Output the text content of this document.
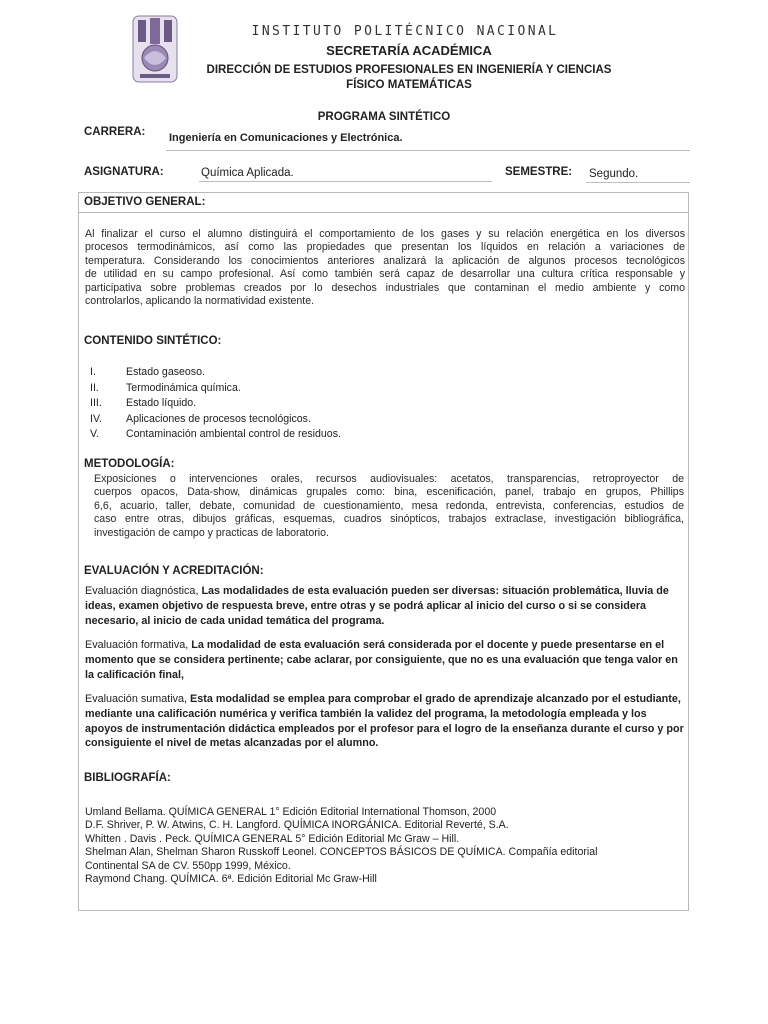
INSTITUTO POLITÉCNICO NACIONAL
SECRETARÍA ACADÉMICA
DIRECCIÓN DE ESTUDIOS PROFESIONALES EN INGENIERÍA Y CIENCIAS
FÍSICO MATEMÁTICAS
PROGRAMA SINTÉTICO
CARRERA: Ingeniería en Comunicaciones y Electrónica.
ASIGNATURA:	Química Aplicada.	SEMESTRE: Segundo.
OBJETIVO GENERAL:
Al finalizar el curso el alumno distinguirá el comportamiento de los gases y su relación energética en los diversos
procesos termodinámicos, así como las propiedades que presentan los líquidos en relación a variaciones de
temperatura. Considerando los conocimientos anteriores analizará la aplicación de algunos procesos tecnológicos
de utilidad en su campo profesional. Así como también será capaz de desarrollar una cultura crítica responsable y
participativa sobre problemas creados por lo desechos industriales que contaminan el medio ambiente y como
controlarlos, aplicando la normatividad existente.
CONTENIDO SINTÉTICO:
I.	Estado gaseoso.
II.	Termodinámica química.
III.	Estado líquido.
IV.	Aplicaciones de procesos tecnológicos.
V.	Contaminación ambiental control de residuos.
METODOLOGÍA:
Exposiciones o intervenciones orales, recursos audiovisuales: acetatos, transparencias, retroproyector de
cuerpos opacos, Data-show, dinámicas grupales como: bina, escenificación, panel, trabajo en grupos, Phillips
6,6, acuario, taller, debate, comunidad de cuestionamiento, mesa redonda, entrevista, conferencias, estudios de
caso entre otras, dibujos gráficas, esquemas, cuadros sinópticos, trabajos extraclase, investigación bibliográfica,
investigación de campo y practicas de laboratorio.
EVALUACIÓN Y ACREDITACIÓN:
Evaluación diagnóstica, Las modalidades de esta evaluación pueden ser diversas: situación problemática, lluvia de ideas, examen objetivo de respuesta breve, entre otras y se podrá aplicar al inicio del curso o si se considera necesario, al inicio de cada unidad temática del programa.
Evaluación formativa, La modalidad de esta evaluación será considerada por el docente y puede presentarse en el momento que se considera pertinente; cabe aclarar, por consiguiente, que no es una evaluación que tenga valor en la calificación final,
Evaluación sumativa, Esta modalidad se emplea para comprobar el grado de aprendizaje alcanzado por el estudiante, mediante una calificación numérica y verifica también la validez del programa, la metodología empleada y los apoyos de instrumentación didáctica empleados por el profesor para el logro de la enseñanza durante el curso y por consiguiente el nivel de metas alcanzadas por el alumno.
BIBLIOGRAFÍA:
Umland Bellama. QUÍMICA GENERAL 1° Edición Editorial International Thomson, 2000
D.F. Shriver, P. W. Atwins, C. H. Langford. QUÍMICA INORGÁNICA. Editorial Reverté, S.A.
Whitten . Davis . Peck. QUÍMICA GENERAL 5° Edición Editorial Mc Graw – Hill.
Shelman Alan, Shelman Sharon Russkoff Leonel. CONCEPTOS BÁSICOS DE QUÍMICA. Compañía editorial
Continental SA de CV. 550pp 1999, México.
Raymond Chang. QUÍMICA. 6ª. Edición Editorial Mc Graw-Hill
